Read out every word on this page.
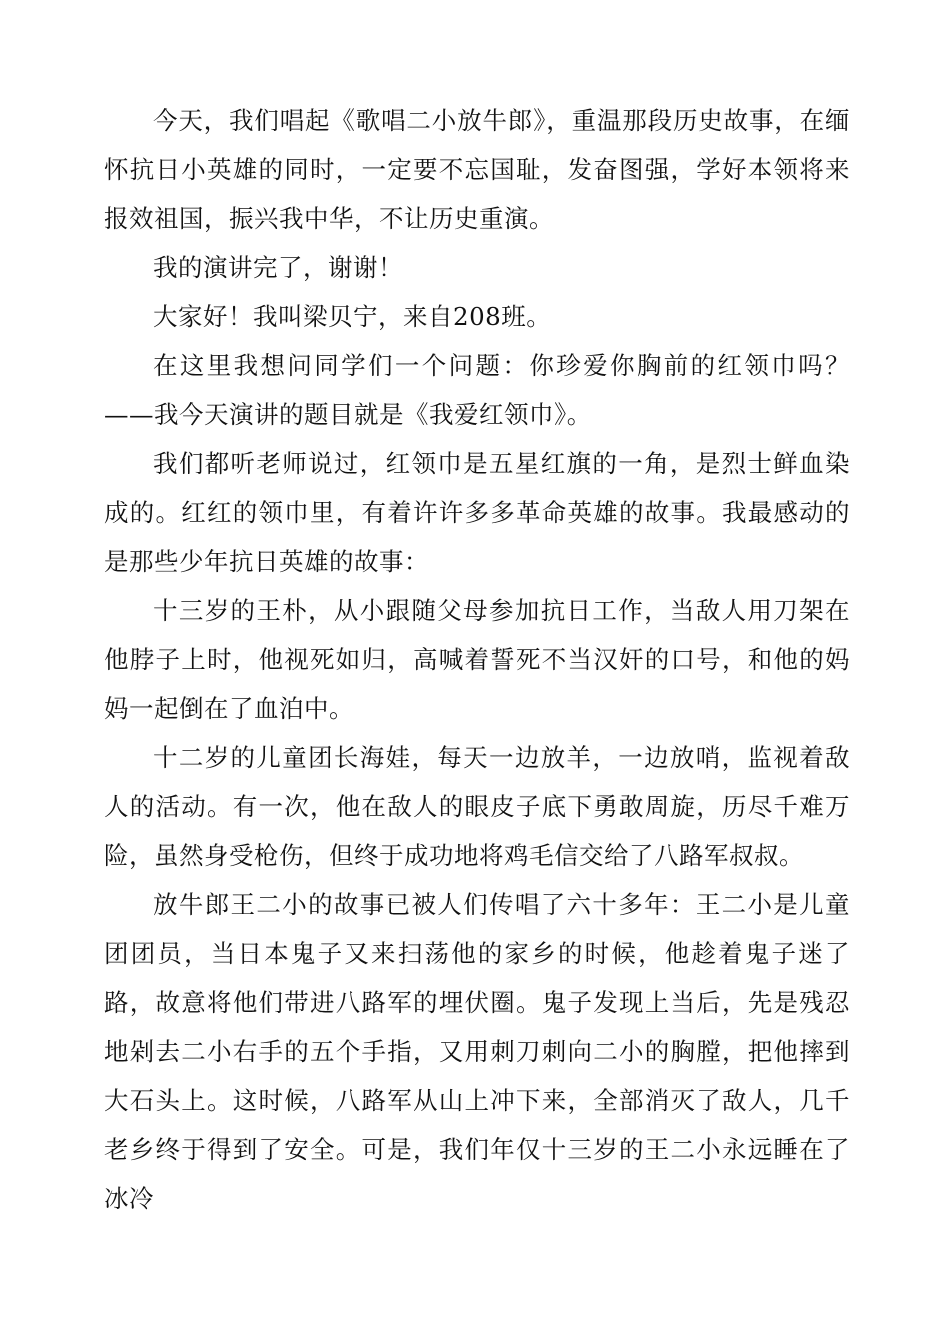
今天，我们唱起《歌唱二小放牛郎》，重温那段历史故事，在缅怀抗日小英雄的同时，一定要不忘国耻，发奋图强，学好本领将来报效祖国，振兴我中华，不让历史重演。

我的演讲完了，谢谢！

大家好！我叫梁贝宁，来自208班。

在这里我想问同学们一个问题：你珍爱你胸前的红领巾吗？——我今天演讲的题目就是《我爱红领巾》。

我们都听老师说过，红领巾是五星红旗的一角，是烈士鲜血染成的。红红的领巾里，有着许许多多革命英雄的故事。我最感动的是那些少年抗日英雄的故事：

十三岁的王朴，从小跟随父母参加抗日工作，当敌人用刀架在他脖子上时，他视死如归，高喊着誓死不当汉奸的口号，和他的妈妈一起倒在了血泊中。

十二岁的儿童团长海娃，每天一边放羊，一边放哨，监视着敌人的活动。有一次，他在敌人的眼皮子底下勇敢周旋，历尽千难万险，虽然身受枪伤，但终于成功地将鸡毛信交给了八路军叔叔。

放牛郎王二小的故事已被人们传唱了六十多年：王二小是儿童团团员，当日本鬼子又来扫荡他的家乡的时候，他趁着鬼子迷了路，故意将他们带进八路军的埋伏圈。鬼子发现上当后，先是残忍地剁去二小右手的五个手指，又用刺刀刺向二小的胸膛，把他摔到大石头上。这时候，八路军从山上冲下来，全部消灭了敌人，几千老乡终于得到了安全。可是，我们年仅十三岁的王二小永远睡在了冰冷
